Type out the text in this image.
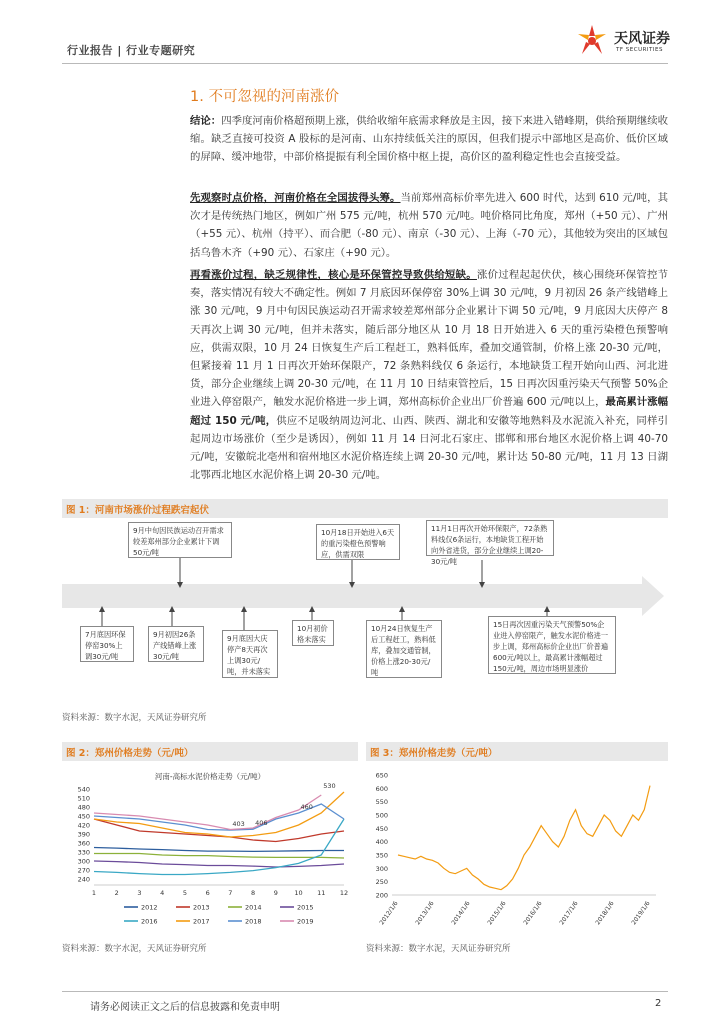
行业报告 | 行业专题研究
天风证券
TF SECURITIES
1. 不可忽视的河南涨价
结论：四季度河南价格超预期上涨，供给收缩年底需求释放是主因，接下来进入错峰期，供给预期继续收缩。缺乏直接可投资 A 股标的是河南、山东持续低关注的原因，但我们提示中部地区是高价、低价区域的屏障、缓冲地带，中部价格提振有利全国价格中枢上提，高价区的盈利稳定性也会直接受益。
先观察时点价格，河南价格在全国拔得头筹。当前郑州高标价率先进入 600 时代，达到 610 元/吨，其次才是传统热门地区，例如广州 575 元/吨，杭州 570 元/吨。吨价格同比角度，郑州（+50 元）、广州（+55 元）、杭州（持平）、而合肥（-80 元）、南京（-30 元）、上海（-70 元），其他较为突出的区域包括乌鲁木齐（+90 元）、石家庄（+90 元）。
再看涨价过程，缺乏规律性，核心是环保管控导致供给短缺。涨价过程起起伏伏，核心围绕环保管控节奏，落实情况有较大不确定性。例如 7 月底因环保停窑 30%上调 30 元/吨，9 月初因 26 条产线错峰上涨 30 元/吨，9 月中旬因民族运动召开需求较差郑州部分企业累计下调 50 元/吨，9 月底因大庆停产 8 天再次上调 30 元/吨，但并未落实，随后部分地区从 10 月 18 日开始进入 6 天的重污染橙色预警响应，供需双限，10 月 24 日恢复生产后工程赶工，熟料低库，叠加交通管制，价格上涨 20-30 元/吨，但紧接着 11 月 1 日再次开始环保限产，72 条熟料线仅 6 条运行，本地缺货工程开始向山西、河北进货，部分企业继续上调 20-30 元/吨，在 11 月 10 日结束管控后，15 日再次因重污染天气预警 50%企业进入停窑限产，触发水泥价格进一步上调，郑州高标价企业出厂价普遍 600 元/吨以上，最高累计涨幅超过 150 元/吨，供应不足吸纳周边河北、山西、陕西、湖北和安徽等地熟料及水泥流入补充，同样引起周边市场涨价（至少是诱因），例如 11 月 14 日河北石家庄、邯郸和邢台地区水泥价格上调 40-70 元/吨，安徽皖北亳州和宿州地区水泥价格连续上调 20-30 元/吨，累计达 50-80 元/吨，11 月 13 日湖北鄂西北地区水泥价格上调 20-30 元/吨。
图 1：河南市场涨价过程跌宕起伏
9月中旬因民族运动召开需求较差郑州部分企业累计下调50元/吨
10月18日开始进入6天的重污染橙色预警响应，供需双限
11月1日再次开始环保限产，72条熟料线仅6条运行，本地缺货工程开始向外省进货，部分企业继续上调20-30元/吨
7月底因环保停窑30%上调30元/吨
9月初因26条产线错峰上涨30元/吨
9月底因大庆停产8天再次上调30元/吨，并未落实
10月初价格未落实
10月24日恢复生产后工程赶工，熟料低库，叠加交通管制，价格上涨20-30元/吨
15日再次因重污染天气预警50%企业进入停窑限产，触发水泥价格进一步上调，郑州高标价企业出厂价普遍600元/吨以上，最高累计涨幅超过150元/吨，周边市场明显涨价
资料来源：数字水泥，天风证券研究所
图 2：郑州价格走势（元/吨）	图 3：郑州价格走势（元/吨）
河南-高标水泥价格走势（元/吨）
240
270
300
330
360
390
420
450
480
510
540
1	2	3	4	5	6	7	8	9	10 11 12
403 406
460
530
2012	2013	2014	2015
2016	2017	2018	2019
资料来源：数字水泥，天风证券研究所
200
250
300
350
400
450
500
550
600
650
2012/1/6 2013/1/6 2014/1/6 2015/1/6 2016/1/6 2017/1/6 2018/1/6 2019/1/6
资料来源：数字水泥，天风证券研究所
请务必阅读正文之后的信息披露和免责申明	2
